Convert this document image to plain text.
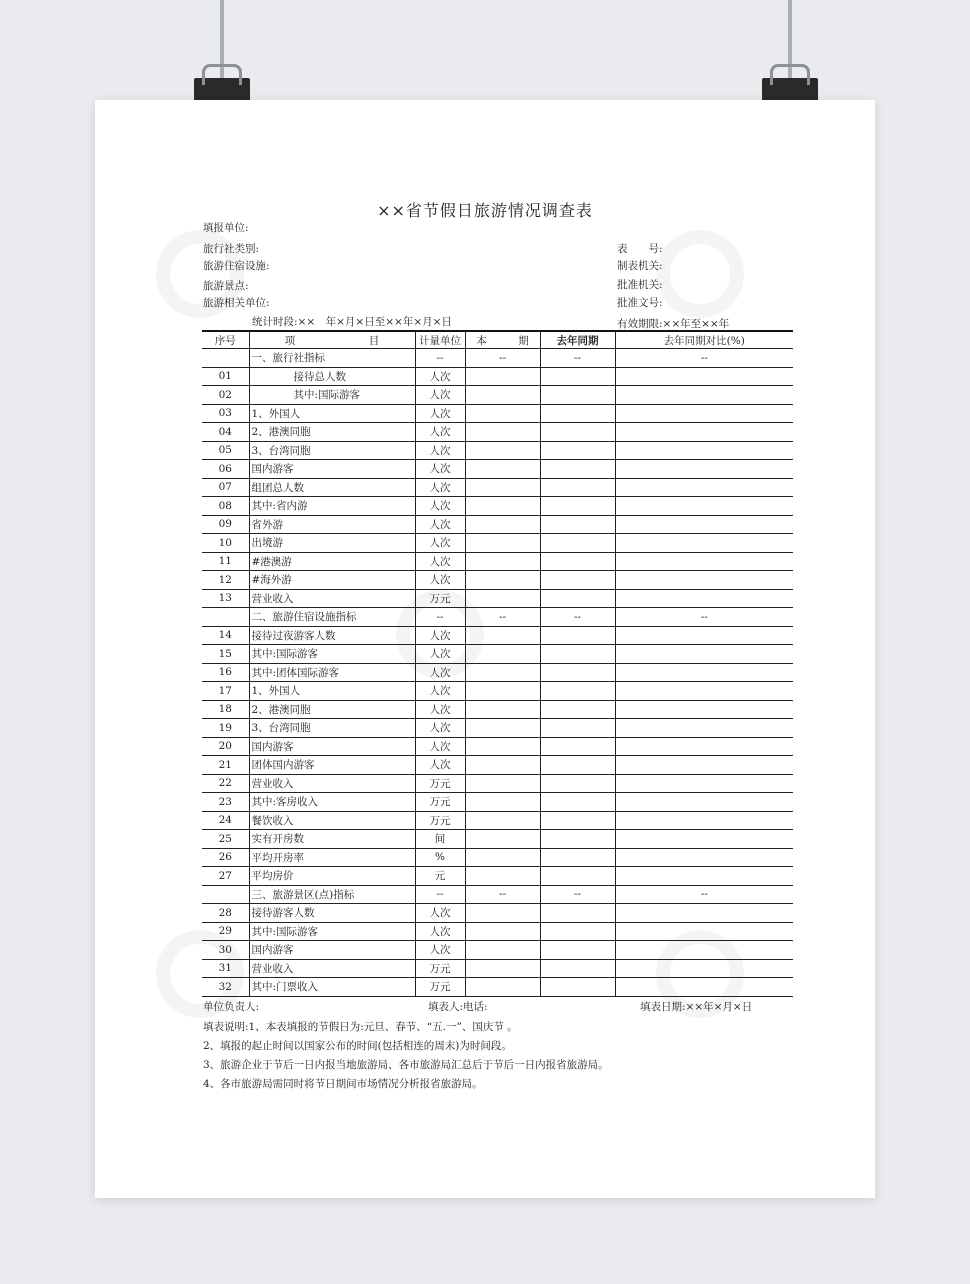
××省节假日旅游情况调查表
填报单位:
旅行社类别:
旅游住宿设施:
旅游景点:
旅游相关单位:
统计时段:××　年×月×日至××年×月×日
表　　号:
制表机关:
批准机关:
批准文号:
有效期限:××年至××年
序号	项　　　　　　　目	计量单位	本　　　期	去年同期	去年同期对比(%)
	一、旅行社指标	--	--	--	--
01	　　　　接待总人数	人次			
02	　　　　其中:国际游客	人次			
03	1、外国人	人次			
04	2、港澳同胞	人次			
05	3、台湾同胞	人次			
06	国内游客	人次			
07	组团总人数	人次			
08	其中:省内游	人次			
09	省外游	人次			
10	出境游	人次			
11	#港澳游	人次			
12	#海外游	人次			
13	营业收入	万元			
	二、旅游住宿设施指标	--	--	--	--
14	接待过夜游客人数	人次			
15	其中:国际游客	人次			
16	其中:团体国际游客	人次			
17	1、外国人	人次			
18	2、港澳同胞	人次			
19	3、台湾同胞	人次			
20	国内游客	人次			
21	团体国内游客	人次			
22	营业收入	万元			
23	其中:客房收入	万元			
24	餐饮收入	万元			
25	实有开房数	间			
26	平均开房率	%			
27	平均房价	元			
	三、旅游景区(点)指标	--	--	--	--
28	接待游客人数	人次			
29	其中:国际游客	人次			
30	国内游客	人次			
31	营业收入	万元			
32	其中:门票收入	万元			
单位负责人:	填表人:电话:	填表日期:××年×月×日
填表说明:1、本表填报的节假日为:元旦、春节、“五.一”、国庆节 。
2、填报的起止时间以国家公布的时间(包括相连的周末)为时间段。
3、旅游企业于节后一日内报当地旅游局、各市旅游局汇总后于节后一日内报省旅游局。
4、各市旅游局需同时将节日期间市场情况分析报省旅游局。
